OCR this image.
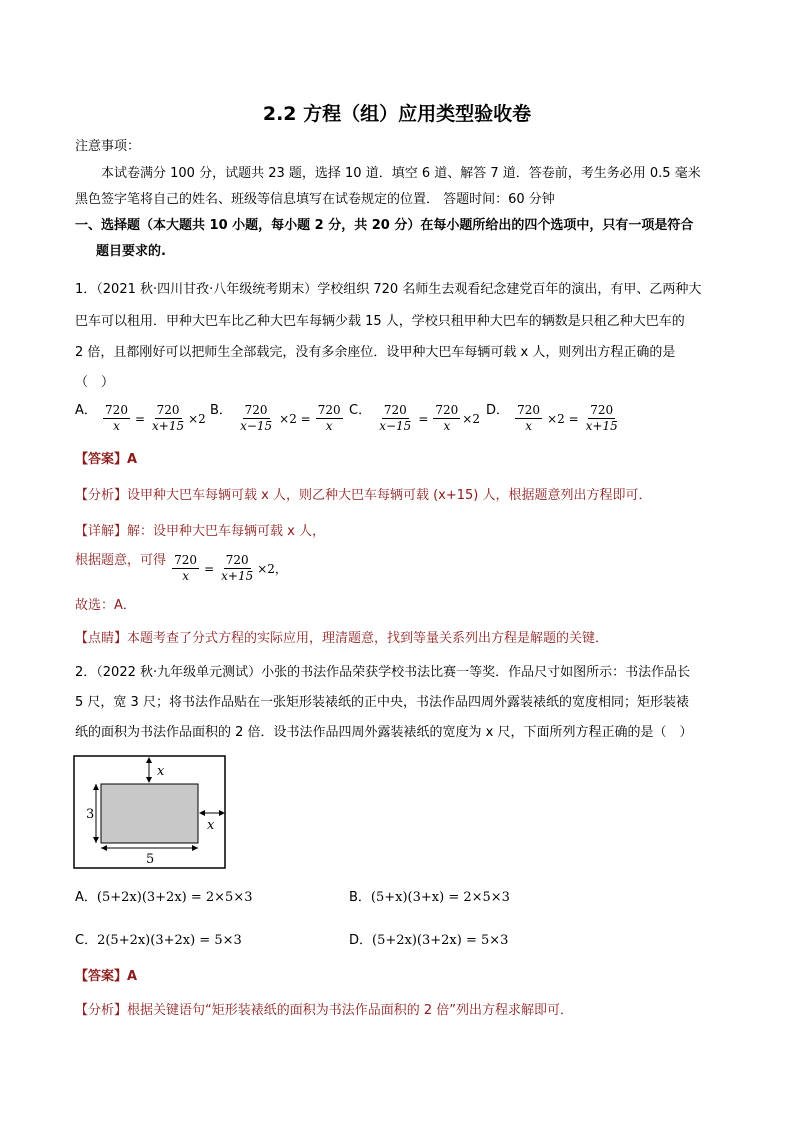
2.2 方程（组）应用类型验收卷
注意事项：
本试卷满分 100 分，试题共 23 题，选择 10 道．填空 6 道、解答 7 道．答卷前，考生务必用 0.5 毫米
黑色签字笔将自己的姓名、班级等信息填写在试卷规定的位置． 答题时间：60 分钟
一、选择题（本大题共 10 小题，每小题 2 分，共 20 分）在每小题所给出的四个选项中，只有一项是符合
题目要求的.
1．（2021 秋·四川甘孜·八年级统考期末）学校组织 720 名师生去观看纪念建党百年的演出，有甲、乙两种大
巴车可以租用．甲种大巴车比乙种大巴车每辆少载 15 人，学校只租甲种大巴车的辆数是只租乙种大巴车的
2 倍，且都刚好可以把师生全部载完，没有多余座位．设甲种大巴车每辆可载 x 人，则列出方程正确的是
（　）
A． $\frac{720}{x} = \frac{720}{x+15} \times 2$
B． $\frac{720}{x-15} \times 2 = \frac{720}{x}$ C． $\frac{720}{x-15} = \frac{720}{x} \times 2$
D． $\frac{720}{x} \times 2 = \frac{720}{x+15}$
【答案】A
【分析】设甲种大巴车每辆可载 x 人，则乙种大巴车每辆可载 (x+15) 人，根据题意列出方程即可．
【详解】解：设甲种大巴车每辆可载 x 人，
根据题意，可得 $\frac{720}{x} = \frac{720}{x+15} \times 2$，
故选：A．
【点睛】本题考查了分式方程的实际应用，理清题意，找到等量关系列出方程是解题的关键．
2．（2022 秋·九年级单元测试）小张的书法作品荣获学校书法比赛一等奖．作品尺寸如图所示：书法作品长
5 尺，宽 3 尺；将书法作品贴在一张矩形装裱纸的正中央，书法作品四周外露装裱纸的宽度相同；矩形装裱
纸的面积为书法作品面积的 2 倍．设书法作品四周外露装裱纸的宽度为 x 尺，下面所列方程正确的是（　）
x
x
3
5
A．(5+2x)(3+2x) = 2×5×3	B．(5+x)(3+x) = 2×5×3
C．2(5+2x)(3+2x) = 5×3	D．(5+2x)(3+2x) = 5×3
【答案】A
【分析】根据关键语句“矩形装裱纸的面积为书法作品面积的 2 倍”列出方程求解即可．
